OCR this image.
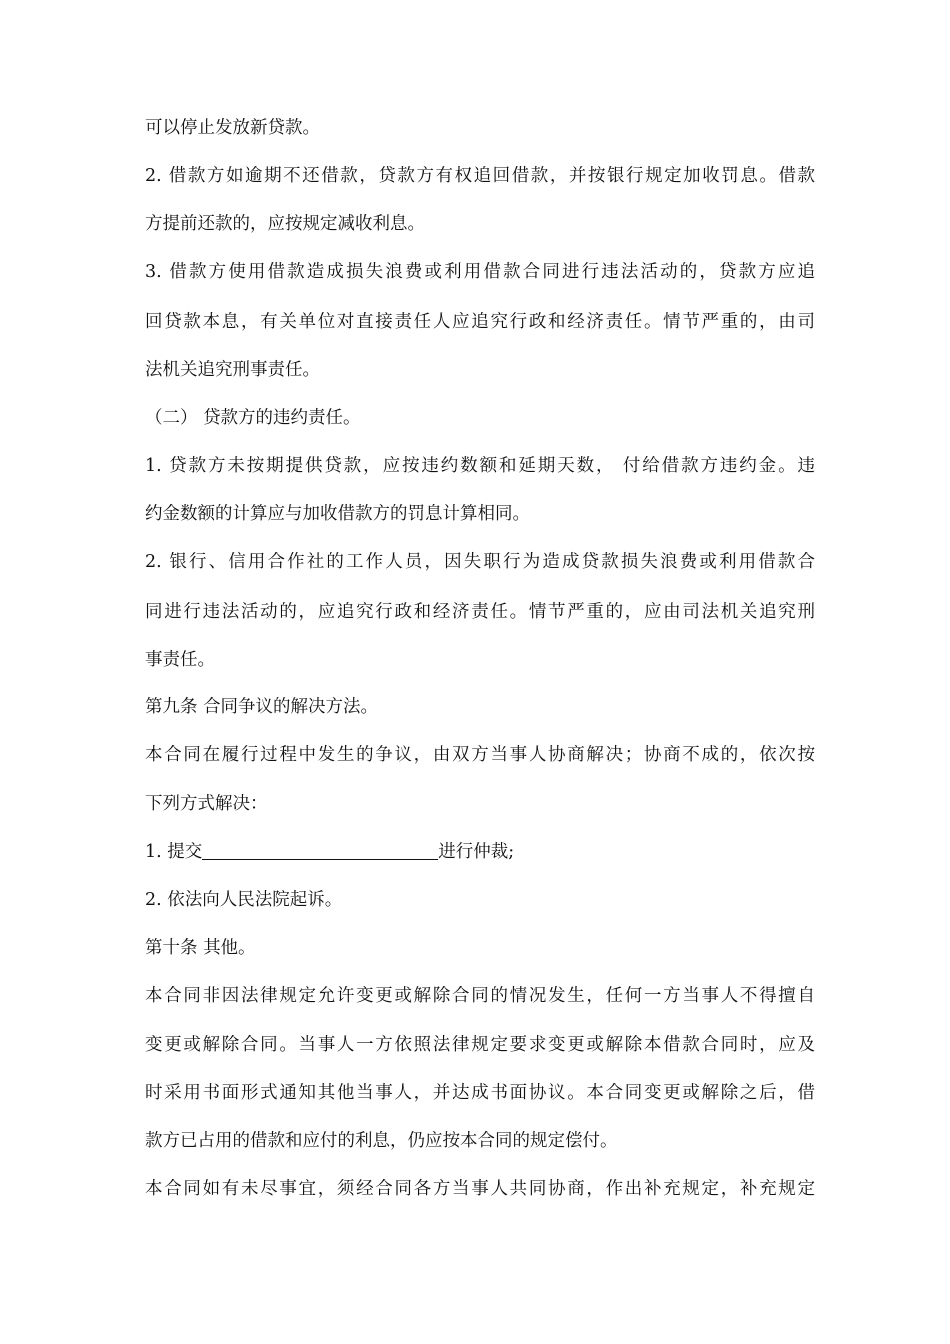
可以停止发放新贷款。
2. 借款方如逾期不还借款，贷款方有权追回借款，并按银行规定加收罚息。借款
方提前还款的，应按规定减收利息。
3. 借款方使用借款造成损失浪费或利用借款合同进行违法活动的，贷款方应追
回贷款本息，有关单位对直接责任人应追究行政和经济责任。情节严重的，由司
法机关追究刑事责任。
（二） 贷款方的违约责任。
1. 贷款方未按期提供贷款，应按违约数额和延期天数， 付给借款方违约金。违
约金数额的计算应与加收借款方的罚息计算相同。
2. 银行、信用合作社的工作人员，因失职行为造成贷款损失浪费或利用借款合
同进行违法活动的，应追究行政和经济责任。情节严重的，应由司法机关追究刑
事责任。
第九条 合同争议的解决方法。
本合同在履行过程中发生的争议，由双方当事人协商解决；协商不成的，依次按
下列方式解决：
1. 提交	进行仲裁;
2. 依法向人民法院起诉。
第十条 其他。
本合同非因法律规定允许变更或解除合同的情况发生，任何一方当事人不得擅自
变更或解除合同。当事人一方依照法律规定要求变更或解除本借款合同时，应及
时采用书面形式通知其他当事人，并达成书面协议。本合同变更或解除之后，借
款方已占用的借款和应付的利息，仍应按本合同的规定偿付。
本合同如有未尽事宜，须经合同各方当事人共同协商，作出补充规定，补充规定
